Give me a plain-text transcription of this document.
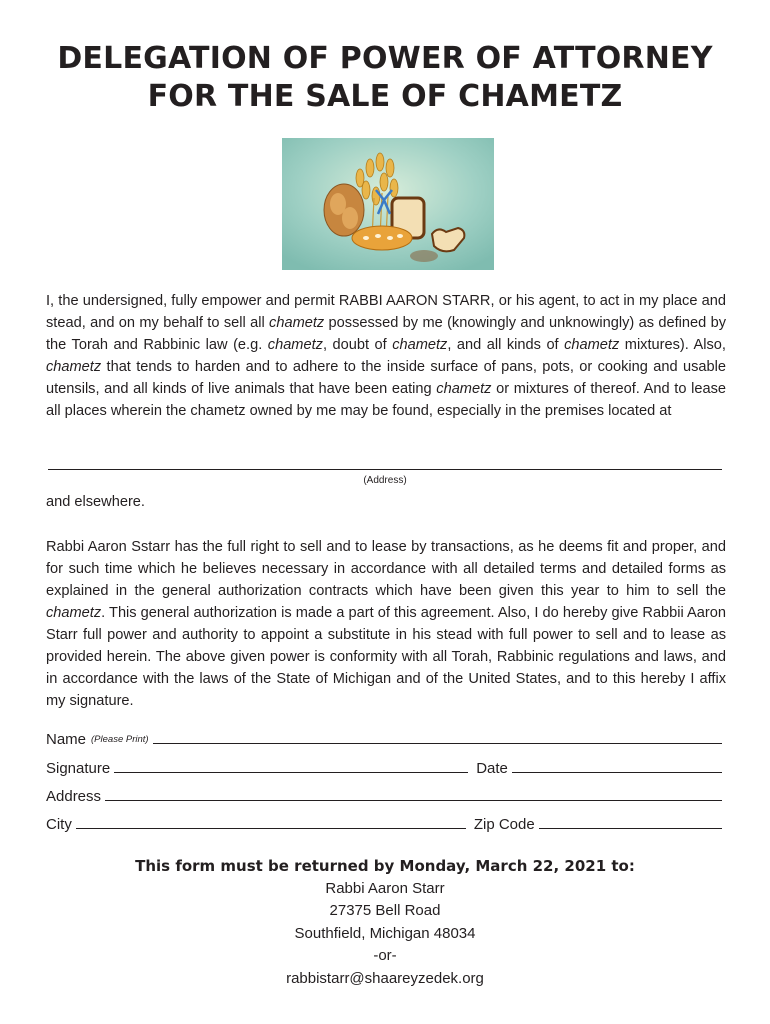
DELEGATION OF POWER OF ATTORNEY
FOR THE SALE OF CHAMETZ
I, the undersigned, fully empower and permit RABBI AARON STARR, or his agent, to act in my place and stead, and on my behalf to sell all chametz possessed by me (knowingly and unknowingly) as defined by the Torah and Rabbinic law (e.g. chametz, doubt of chametz, and all kinds of chametz mixtures). Also, chametz that tends to harden and to adhere to the inside surface of pans, pots, or cooking and usable utensils, and all kinds of live animals that have been eating chametz or mixtures of thereof. And to lease all places wherein the chametz owned by me may be found, especially in the premises located at
(Address)
and elsewhere.
Rabbi Aaron Sstarr has the full right to sell and to lease by transactions, as he deems fit and proper, and for such time which he believes necessary in accordance with all detailed terms and detailed forms as explained in the general authorization contracts which have been given this year to him to sell the chametz. This general authorization is made a part of this agreement. Also, I do hereby give Rabbii Aaron Starr full power and authority to appoint a substitute in his stead with full power to sell and to lease as provided herein. The above given power is conformity with all Torah, Rabbinic regulations and laws, and in accordance with the laws of the State of Michigan and of the United States, and to this hereby I affix my signature.
Name (Please Print)
Signature	Date
Address
City	Zip Code
This form must be returned by Monday, March 22, 2021 to:
Rabbi Aaron Starr
27375 Bell Road
Southfield, Michigan 48034
-or-
rabbistarr@shaareyzedek.org
